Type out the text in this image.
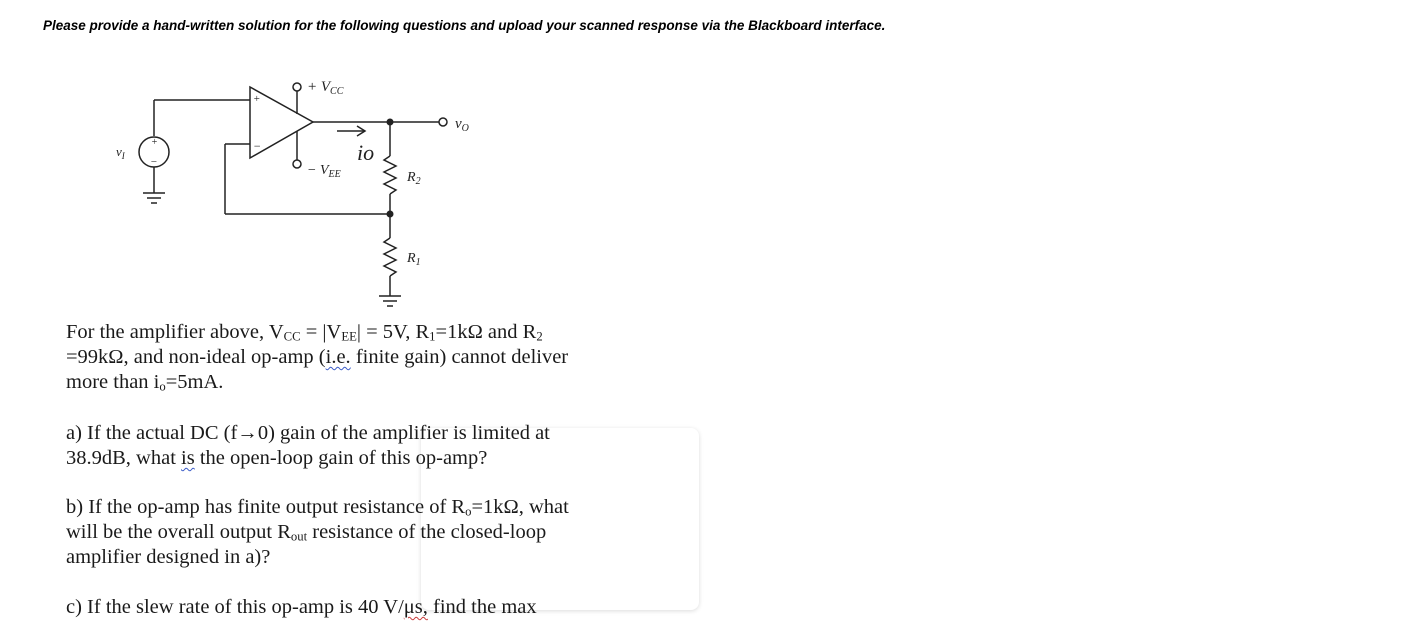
Please provide a hand-written solution for the following questions and upload your scanned response via the Blackboard interface.
+
−
+
−
+ $V_{CC}$
− $V_{EE}$
$v_O$
$v_I$	io
$R_2$
$R_1$
For the amplifier above, $V_{CC} = |V_{EE}| = 5V$, $R_1=1k\Omega$ and $R_2$
=99kΩ, and non-ideal op-amp (i.e. finite gain) cannot deliver
more than $i_o=5mA$.
a) If the actual DC (f→0) gain of the amplifier is limited at
38.9dB, what is the open-loop gain of this op-amp?
b) If the op-amp has finite output resistance of $R_o=1k\Omega$, what
will be the overall output $R_{out}$ resistance of the closed-loop
amplifier designed in a)?
c) If the slew rate of this op-amp is 40 V/μs, find the max
